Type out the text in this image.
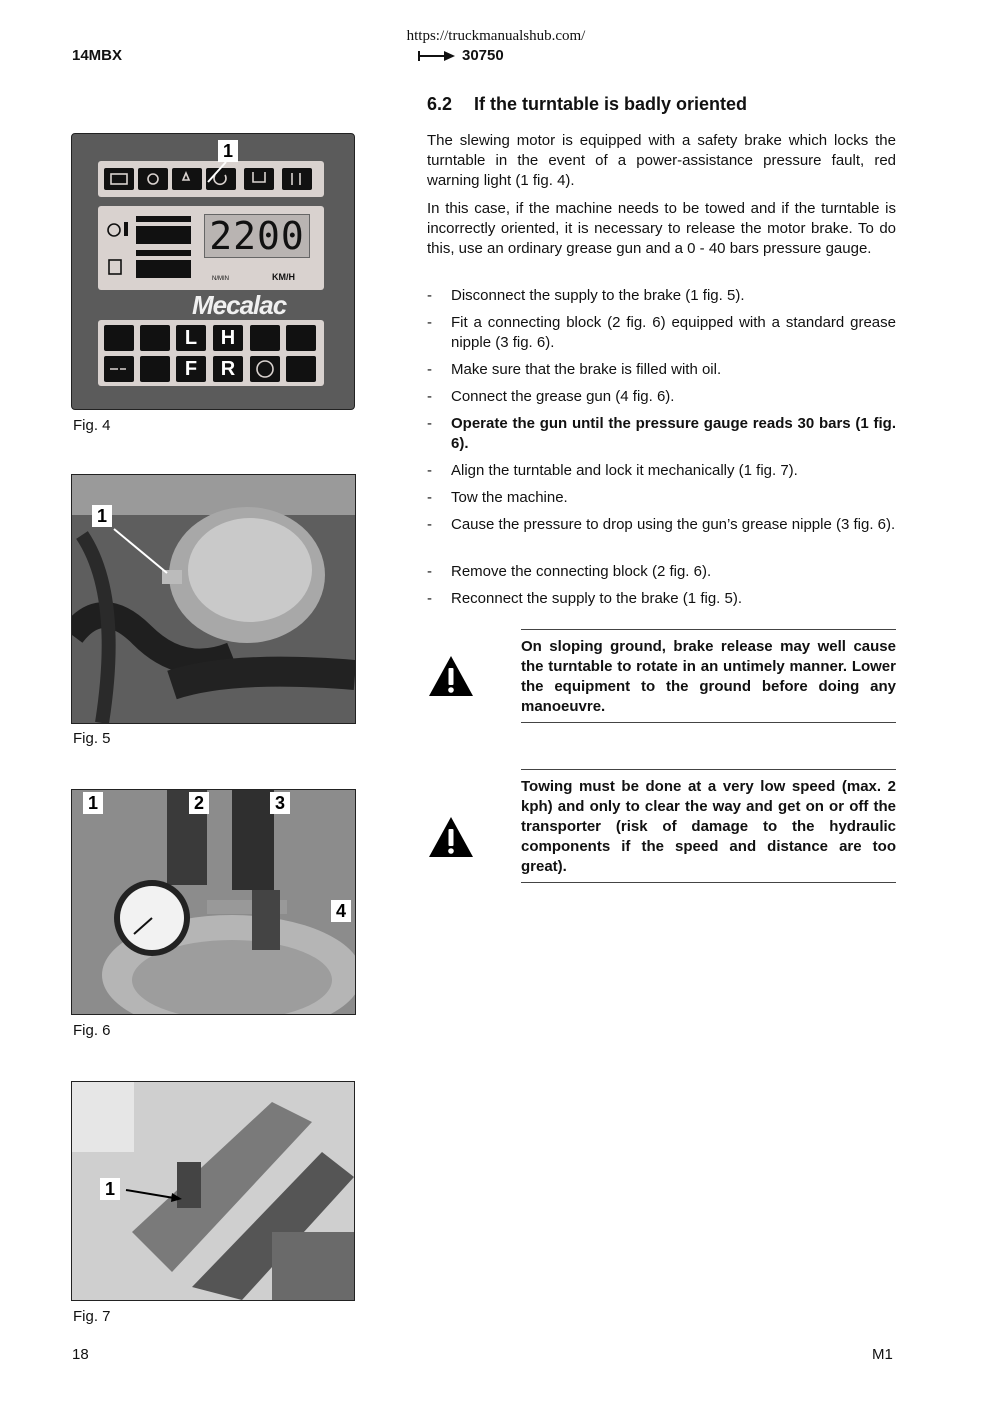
https://truckmanualshub.com/
14MBX	30750
6.2 If the turntable is badly oriented

The slewing motor is equipped with a safety brake which locks the turntable in the event of a power-assistance pressure fault, red warning light (1 fig. 4).

In this case, if the machine needs to be towed and if the turntable is incorrectly oriented, it is necessary to release the motor brake. To do this, use an ordinary grease gun and a 0 - 40 bars pressure gauge.

-	Disconnect the supply to the brake (1 fig. 5).
-	Fit a connecting block (2 fig. 6) equipped with a standard grease nipple (3 fig. 6).
-	Make sure that the brake is filled with oil.
-	Connect the grease gun (4 fig. 6).
-	Operate the gun until the pressure gauge reads 30 bars (1 fig. 6).
-	Align the turntable and lock it mechanically (1 fig. 7).
-	Tow the machine.
-	Cause the pressure to drop using the gun’s grease nipple (3 fig. 6).
-	Remove the connecting block (2 fig. 6).
-	Reconnect the supply to the brake (1 fig. 5).
On sloping ground, brake release may well cause the turntable to rotate in an untimely manner. Lower the equipment to the ground before doing any manoeuvre.
Towing must be done at a very low speed (max. 2 kph) and only to clear the way and get on or off the transporter (risk of damage to the hydraulic components if the speed and distance are too great).
2200
KM/H
N/MIN
Mecalac
L	H
F	R
1
Fig. 4
1
Fig. 5
1	2	3
4
Fig. 6
1
Fig. 7
18	M1
